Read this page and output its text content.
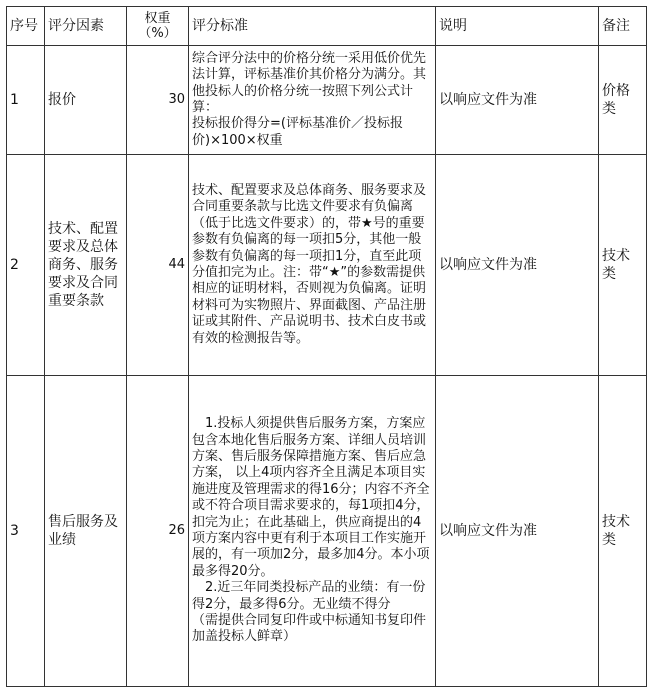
序号	评分因素	权重
（%）	评分标准	说明	备注
1	报价	30	综合评分法中的价格分统一采用低价优先法计算，评标基准价其价格分为满分。其他投标人的价格分统一按照下列公式计算：
投标报价得分=(评标基准价／投标报价)×100×权重	以响应文件为准	价格类
2	技术、配置要求及总体商务、服务要求及合同重要条款	44	技术、配置要求及总体商务、服务要求及合同重要条款与比选文件要求有负偏离（低于比选文件要求）的，带★号的重要参数有负偏离的每一项扣5分，其他一般参数有负偏离的每一项扣1分，直至此项分值扣完为止。注：带“★”的参数需提供相应的证明材料，否则视为负偏离。证明材料可为实物照片、界面截图、产品注册证或其附件、产品说明书、技术白皮书或有效的检测报告等。	以响应文件为准	技术类
3	售后服务及业绩	26	1.投标人须提供售后服务方案，方案应包含本地化售后服务方案、详细人员培训方案、售后服务保障措施方案、售后应急方案， 以上4项内容齐全且满足本项目实施进度及管理需求的得16分；内容不齐全或不符合项目需求要求的，每1项扣4分，扣完为止；在此基础上，供应商提出的4项方案内容中更有利于本项目工作实施开展的，有一项加2分，最多加4分。本小项最多得20分。
2.近三年同类投标产品的业绩：有一份得2分，最多得6分。无业绩不得分
（需提供合同复印件或中标通知书复印件加盖投标人鲜章）	以响应文件为准	技术类
